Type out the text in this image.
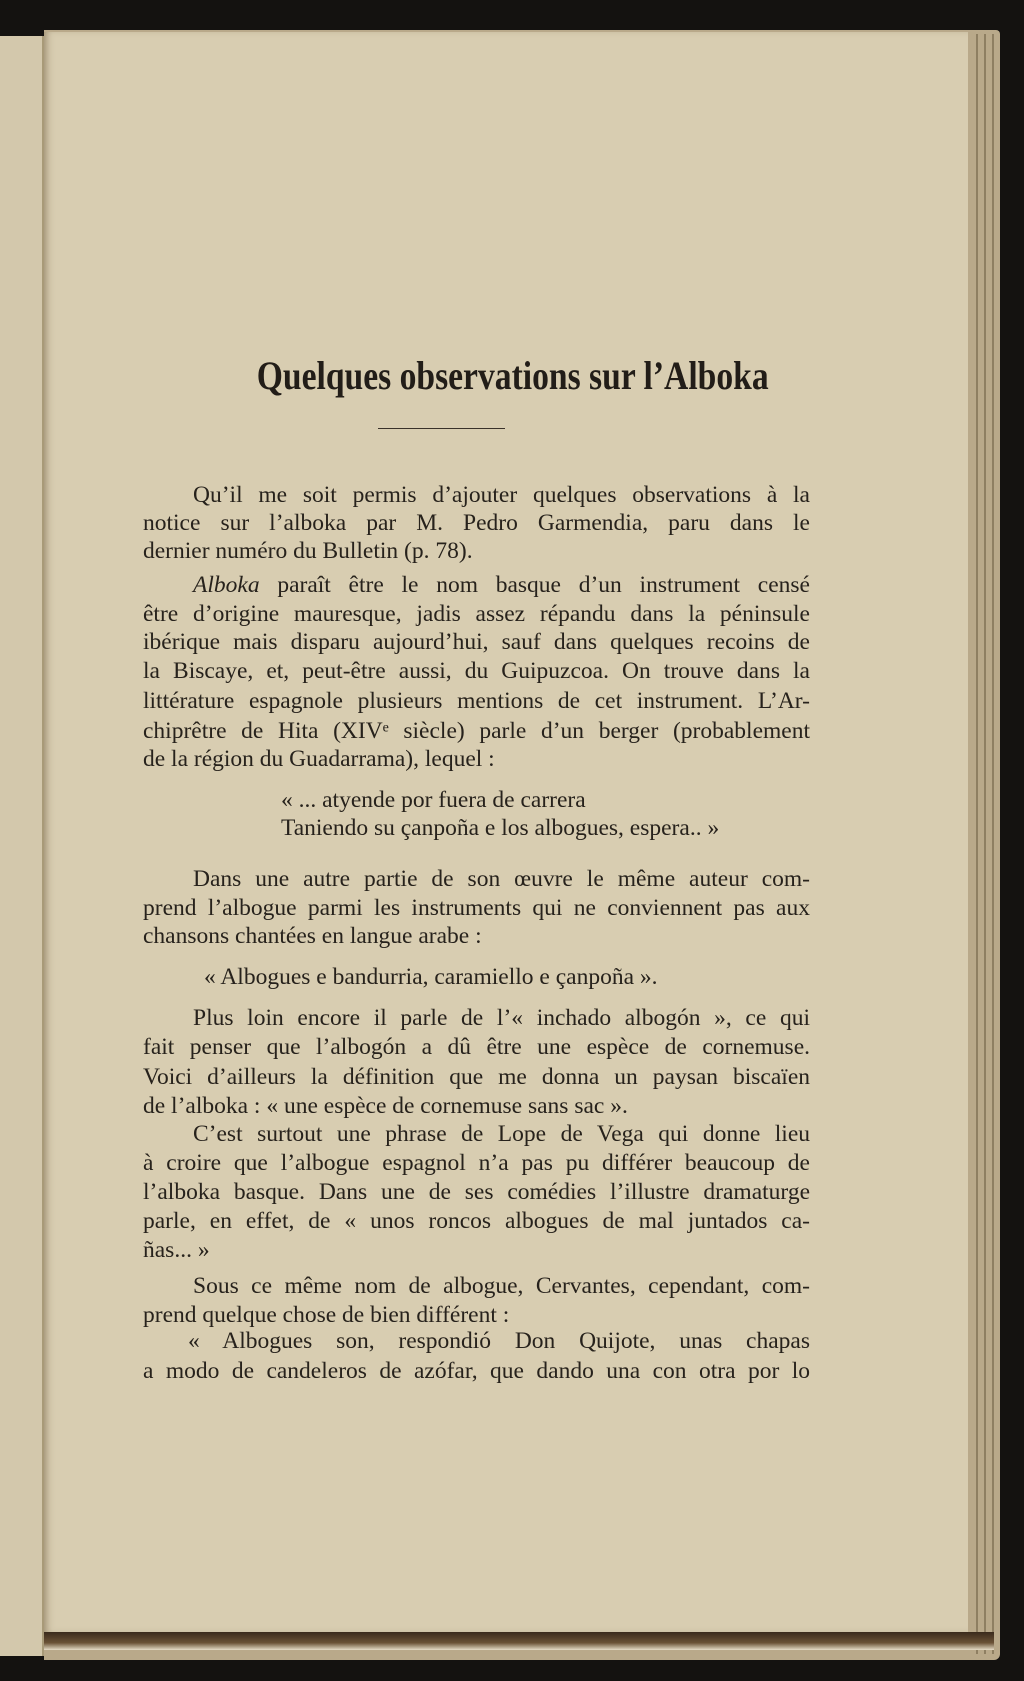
Quelques observations sur l’Alboka
Qu’il me soit permis d’ajouter quelques observations à la
notice sur l’alboka par M. Pedro Garmendia, paru dans le
dernier numéro du Bulletin (p. 78).
Alboka paraît être le nom basque d’un instrument censé
être d’origine mauresque, jadis assez répandu dans la péninsule
ibérique mais disparu aujourd’hui, sauf dans quelques recoins de
la Biscaye, et, peut-être aussi, du Guipuzcoa. On trouve dans la
littérature espagnole plusieurs mentions de cet instrument. L’Ar-
chiprêtre de Hita (XIVᵉ siècle) parle d’un berger (probablement
de la région du Guadarrama), lequel :
« ... atyende por fuera de carrera
Taniendo su çanpoña e los albogues, espera.. »
Dans une autre partie de son œuvre le même auteur com-
prend l’albogue parmi les instruments qui ne conviennent pas aux
chansons chantées en langue arabe :
« Albogues e bandurria, caramiello e çanpoña ».
Plus loin encore il parle de l’« inchado albogón », ce qui
fait penser que l’albogón a dû être une espèce de cornemuse.
Voici d’ailleurs la définition que me donna un paysan biscaïen
de l’alboka : « une espèce de cornemuse sans sac ».
C’est surtout une phrase de Lope de Vega qui donne lieu
à croire que l’albogue espagnol n’a pas pu différer beaucoup de
l’alboka basque. Dans une de ses comédies l’illustre dramaturge
parle, en effet, de « unos roncos albogues de mal juntados ca-
ñas... »
Sous ce même nom de albogue, Cervantes, cependant, com-
prend quelque chose de bien différent :
« Albogues son, respondió Don Quijote, unas chapas
a modo de candeleros de azófar, que dando una con otra por lo
